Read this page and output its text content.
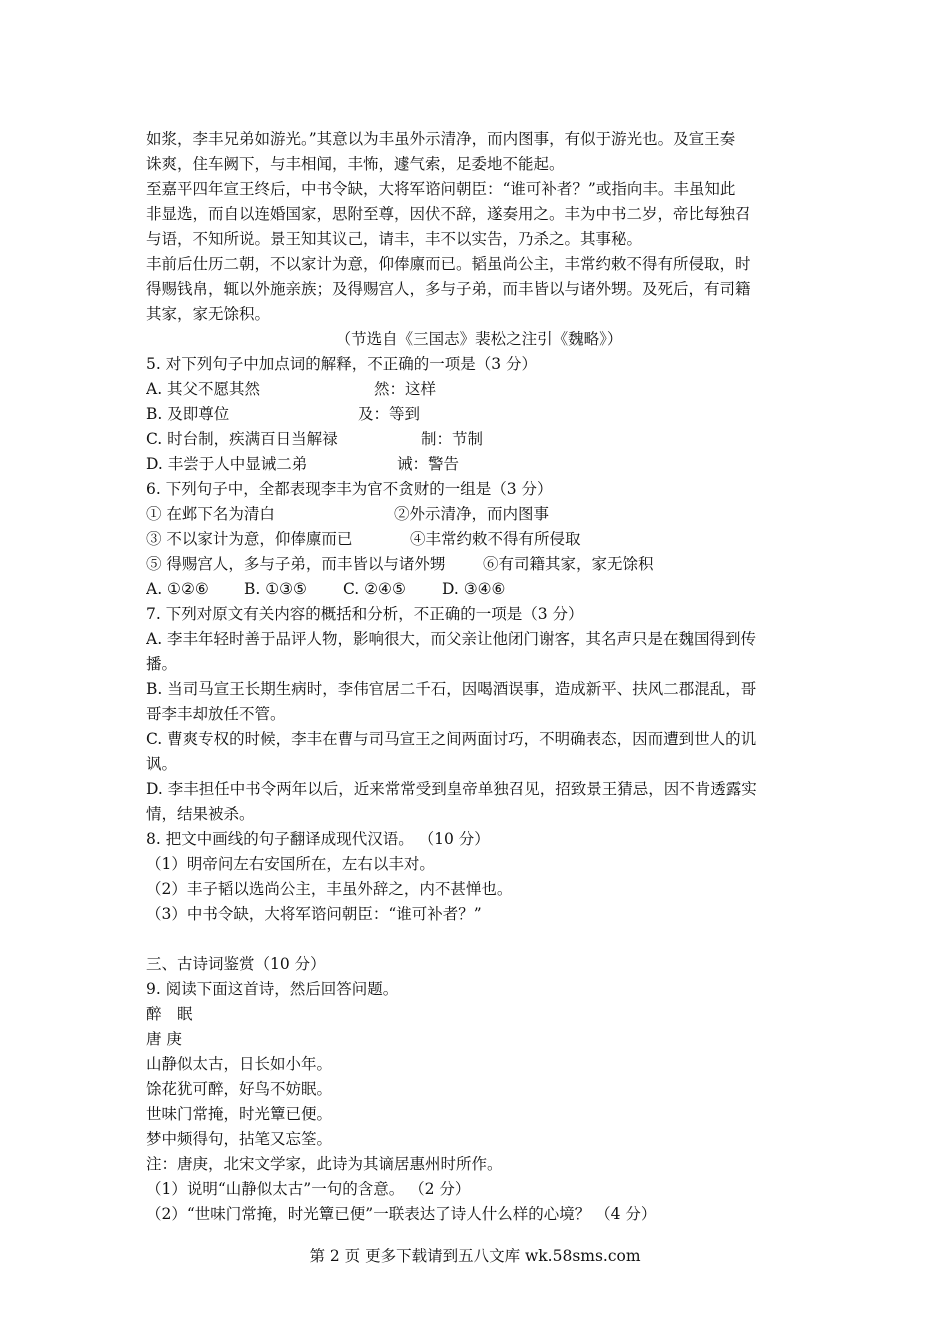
如浆，李丰兄弟如游光。”其意以为丰虽外示清净，而内图事，有似于游光也。及宣王奏
诛爽，住车阙下，与丰相闻，丰怖，遽气索，足委地不能起。
至嘉平四年宣王终后，中书令缺，大将军谘问朝臣：“谁可补者？”或指向丰。丰虽知此
非显选，而自以连婚国家，思附至尊，因伏不辞，遂奏用之。丰为中书二岁，帝比每独召
与语，不知所说。景王知其议己，请丰，丰不以实告，乃杀之。其事秘。
丰前后仕历二朝，不以家计为意，仰俸廪而已。韬虽尚公主，丰常约敕不得有所侵取，时
得赐钱帛，辄以外施亲族；及得赐宫人，多与子弟，而丰皆以与诸外甥。及死后，有司籍
其家，家无馀积。
（节选自《三国志》裴松之注引《魏略》）
5. 对下列句子中加点词的解释，不正确的一项是（3 分）
A. 其父不愿其然	然：这样
B. 及即尊位	及：等到
C. 时台制，疾满百日当解禄	制：节制
D. 丰尝于人中显诫二弟	诫：警告
6. 下列句子中，全都表现李丰为官不贪财的一组是（3 分）
① 在邺下名为清白	②外示清净，而内图事
③ 不以家计为意，仰俸廪而已	④丰常约敕不得有所侵取
⑤ 得赐宫人，多与子弟，而丰皆以与诸外甥 ⑥有司籍其家，家无馀积
A. ①②⑥ B. ①③⑤ C. ②④⑤ D. ③④⑥
7. 下列对原文有关内容的概括和分析，不正确的一项是（3 分）
A. 李丰年轻时善于品评人物，影响很大，而父亲让他闭门谢客，其名声只是在魏国得到传
播。
B. 当司马宣王长期生病时，李伟官居二千石，因喝酒误事，造成新平、扶风二郡混乱，哥
哥李丰却放任不管。
C. 曹爽专权的时候，李丰在曹与司马宣王之间两面讨巧，不明确表态，因而遭到世人的讥
讽。
D. 李丰担任中书令两年以后，近来常常受到皇帝单独召见，招致景王猜忌，因不肯透露实
情，结果被杀。
8. 把文中画线的句子翻译成现代汉语。 （10 分）
（1）明帝问左右安国所在，左右以丰对。
（2）丰子韬以选尚公主，丰虽外辞之，内不甚惮也。
（3）中书令缺，大将军谘问朝臣：“谁可补者？”
三、古诗词鉴赏（10 分）
9. 阅读下面这首诗，然后回答问题。
醉　眠
唐 庚
山静似太古，日长如小年。
馀花犹可醉，好鸟不妨眠。
世味门常掩，时光簟已便。
梦中频得句，拈笔又忘筌。
注：唐庚，北宋文学家，此诗为其谪居惠州时所作。
（1）说明“山静似太古”一句的含意。 （2 分）
（2）“世味门常掩，时光簟已便”一联表达了诗人什么样的心境？ （4 分）
第 2 页 更多下载请到五八文库 wk.58sms.com
